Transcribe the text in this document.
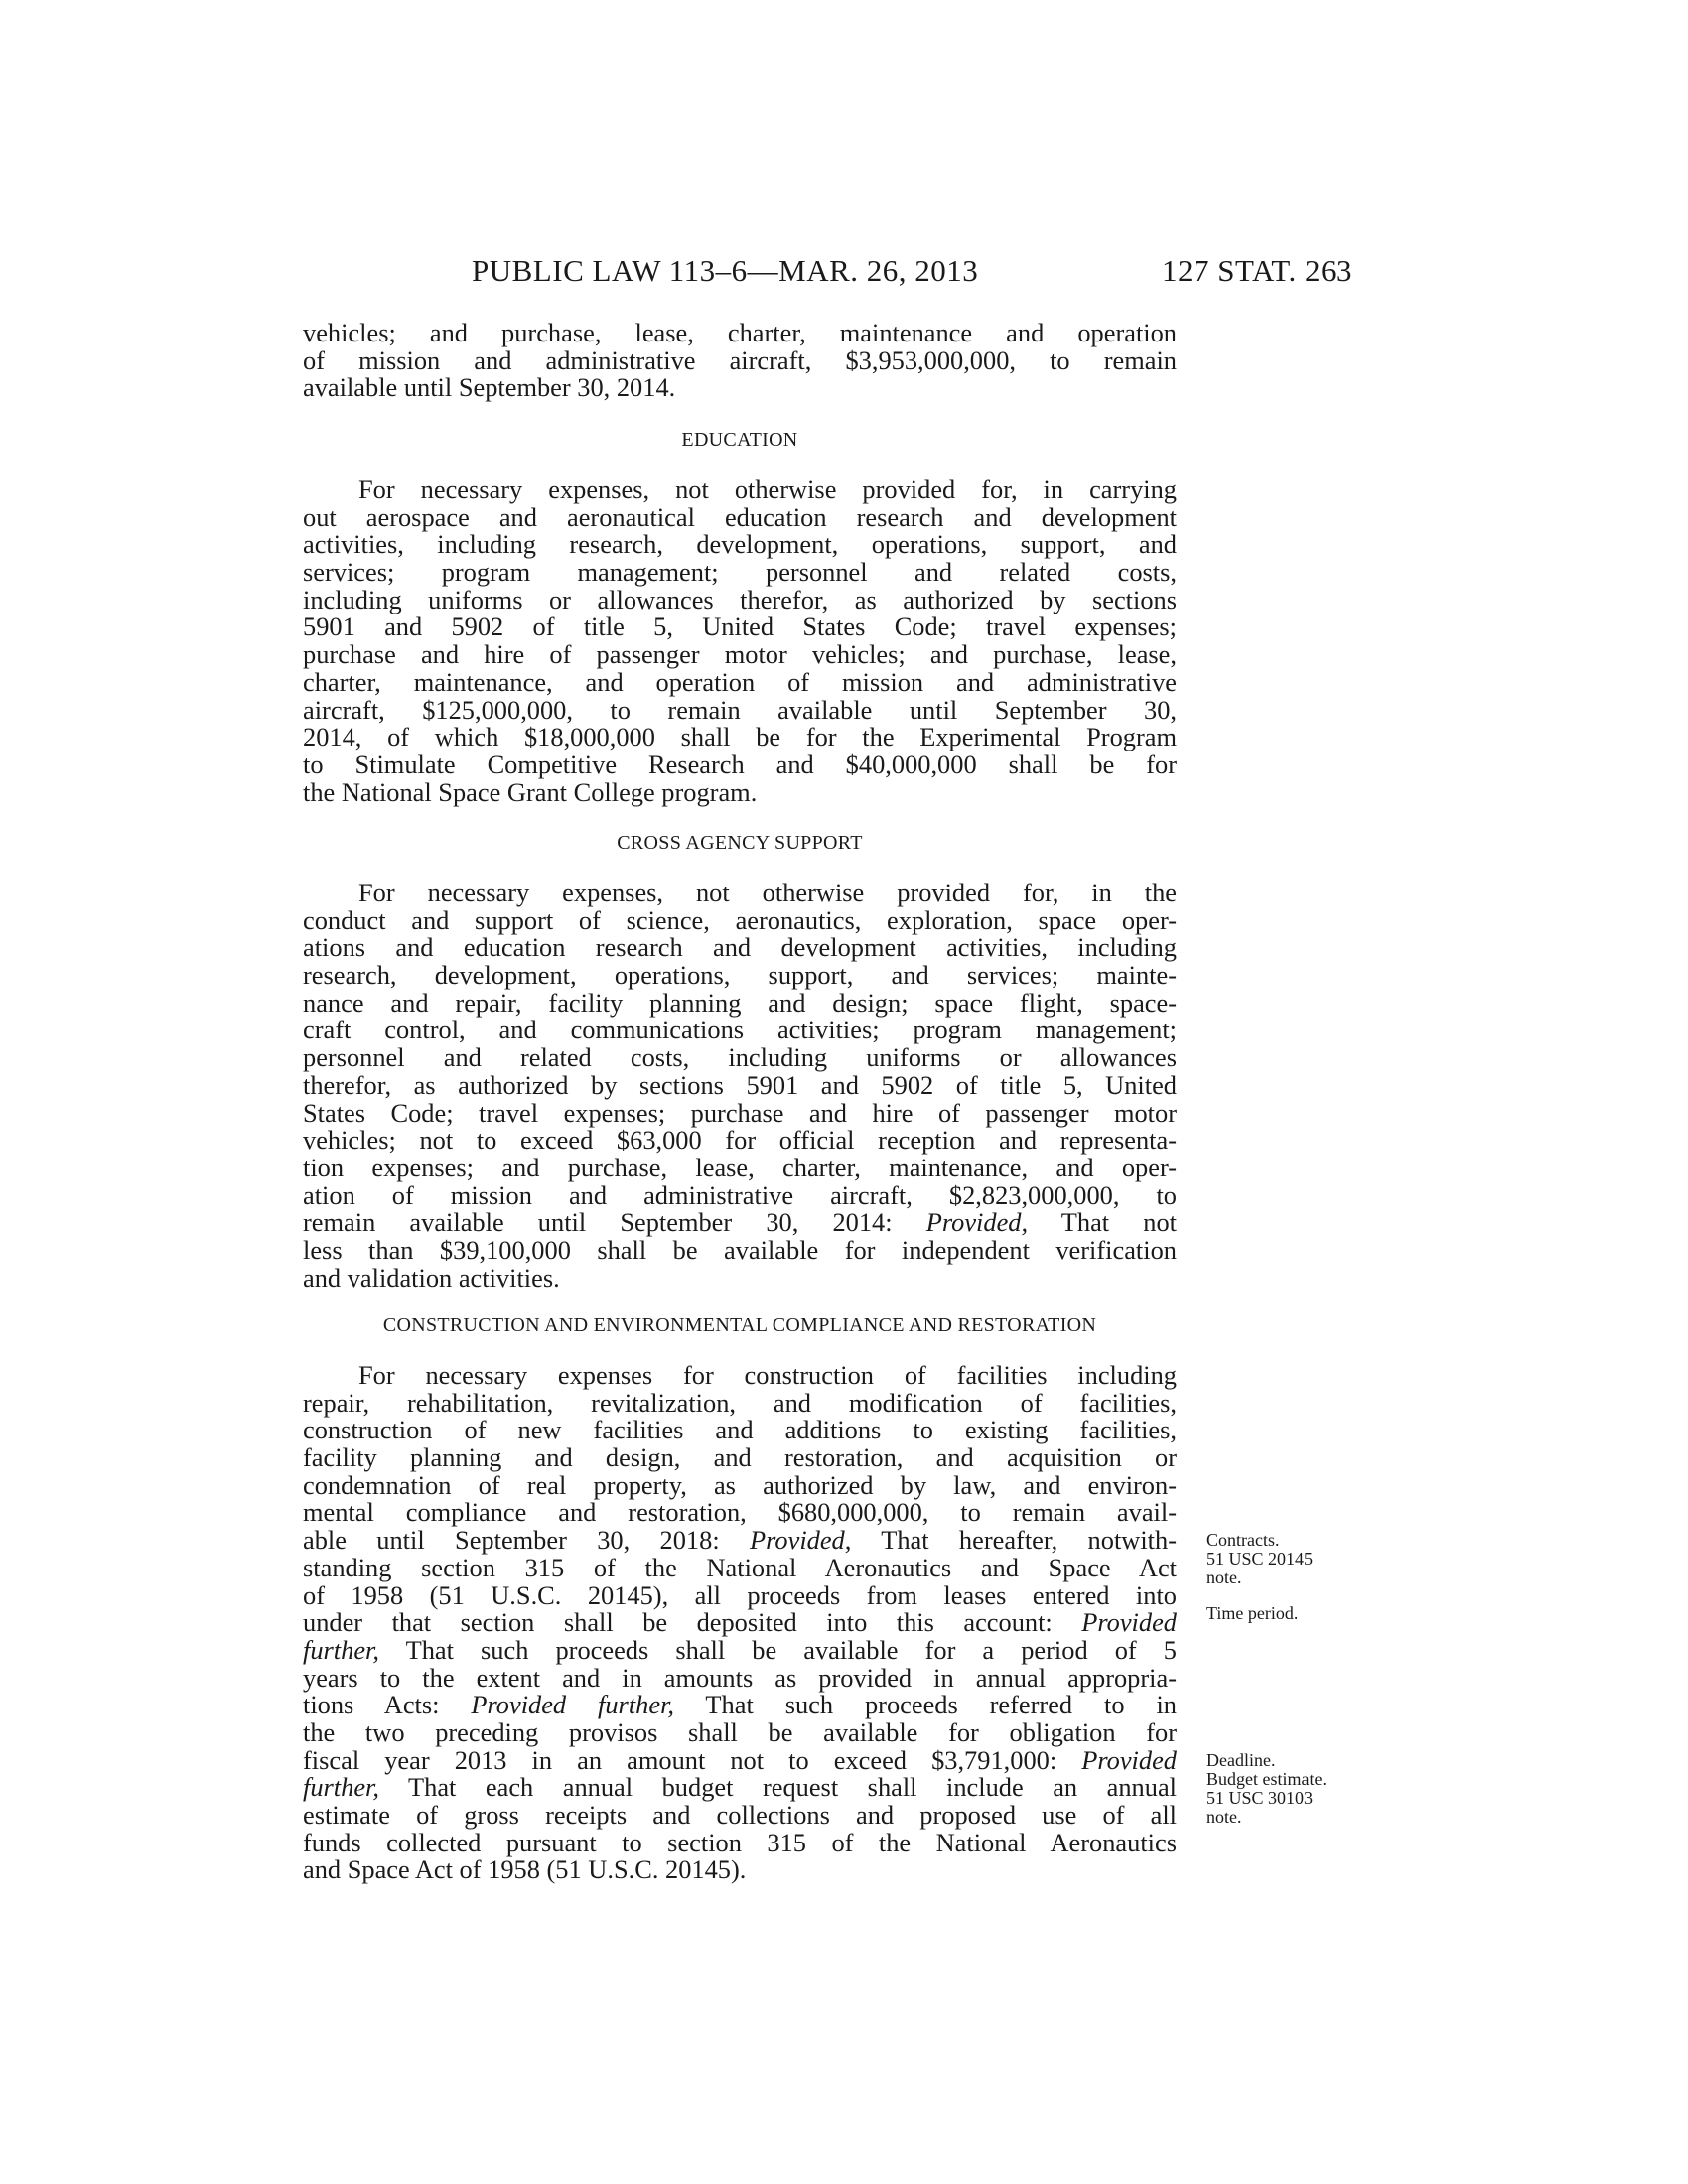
PUBLIC LAW 113–6—MAR. 26, 2013	127 STAT. 263
vehicles; and purchase, lease, charter, maintenance and operation
of mission and administrative aircraft, $3,953,000,000, to remain
available until September 30, 2014.
EDUCATION
For necessary expenses, not otherwise provided for, in carrying
out aerospace and aeronautical education research and development
activities, including research, development, operations, support, and
services; program management; personnel and related costs,
including uniforms or allowances therefor, as authorized by sections
5901 and 5902 of title 5, United States Code; travel expenses;
purchase and hire of passenger motor vehicles; and purchase, lease,
charter, maintenance, and operation of mission and administrative
aircraft, $125,000,000, to remain available until September 30,
2014, of which $18,000,000 shall be for the Experimental Program
to Stimulate Competitive Research and $40,000,000 shall be for
the National Space Grant College program.
CROSS AGENCY SUPPORT
For necessary expenses, not otherwise provided for, in the
conduct and support of science, aeronautics, exploration, space oper-
ations and education research and development activities, including
research, development, operations, support, and services; mainte-
nance and repair, facility planning and design; space flight, space-
craft control, and communications activities; program management;
personnel and related costs, including uniforms or allowances
therefor, as authorized by sections 5901 and 5902 of title 5, United
States Code; travel expenses; purchase and hire of passenger motor
vehicles; not to exceed $63,000 for official reception and representa-
tion expenses; and purchase, lease, charter, maintenance, and oper-
ation of mission and administrative aircraft, $2,823,000,000, to
remain available until September 30, 2014: Provided, That not
less than $39,100,000 shall be available for independent verification
and validation activities.
CONSTRUCTION AND ENVIRONMENTAL COMPLIANCE AND RESTORATION
For necessary expenses for construction of facilities including
repair, rehabilitation, revitalization, and modification of facilities,
construction of new facilities and additions to existing facilities,
facility planning and design, and restoration, and acquisition or
condemnation of real property, as authorized by law, and environ-
mental compliance and restoration, $680,000,000, to remain avail-
able until September 30, 2018: Provided, That hereafter, notwith-
standing section 315 of the National Aeronautics and Space Act
of 1958 (51 U.S.C. 20145), all proceeds from leases entered into
under that section shall be deposited into this account: Provided
further, That such proceeds shall be available for a period of 5
years to the extent and in amounts as provided in annual appropria-
tions Acts: Provided further, That such proceeds referred to in
the two preceding provisos shall be available for obligation for
fiscal year 2013 in an amount not to exceed $3,791,000: Provided
further, That each annual budget request shall include an annual
estimate of gross receipts and collections and proposed use of all
funds collected pursuant to section 315 of the National Aeronautics
and Space Act of 1958 (51 U.S.C. 20145).
Contracts.
51 USC 20145
note.
Time period.
Deadline.
Budget estimate.
51 USC 30103
note.
